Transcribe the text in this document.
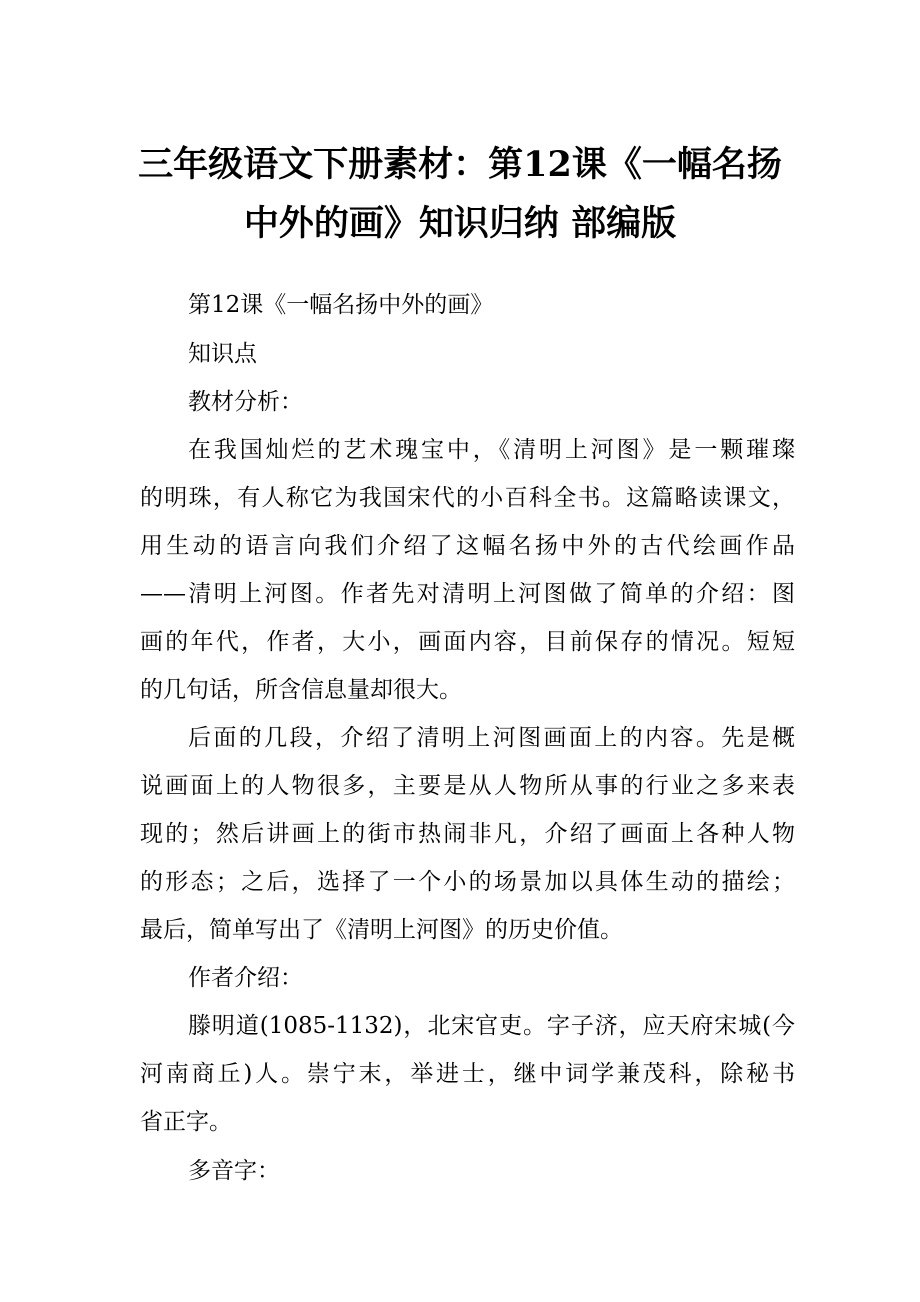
三年级语文下册素材：第12课《一幅名扬
中外的画》知识归纳 部编版
第12课《一幅名扬中外的画》
知识点
教材分析：
在我国灿烂的艺术瑰宝中，《清明上河图》是一颗璀璨
的明珠，有人称它为我国宋代的小百科全书。这篇略读课文，
用生动的语言向我们介绍了这幅名扬中外的古代绘画作品
——清明上河图。作者先对清明上河图做了简单的介绍：图
画的年代，作者，大小，画面内容，目前保存的情况。短短
的几句话，所含信息量却很大。
后面的几段，介绍了清明上河图画面上的内容。先是概
说画面上的人物很多，主要是从人物所从事的行业之多来表
现的；然后讲画上的街市热闹非凡，介绍了画面上各种人物
的形态；之后，选择了一个小的场景加以具体生动的描绘；
最后，简单写出了《清明上河图》的历史价值。
作者介绍：
滕明道(1085-1132)，北宋官吏。字子济，应天府宋城(今
河南商丘)人。崇宁末，举进士，继中词学兼茂科，除秘书
省正字。
多音字：
